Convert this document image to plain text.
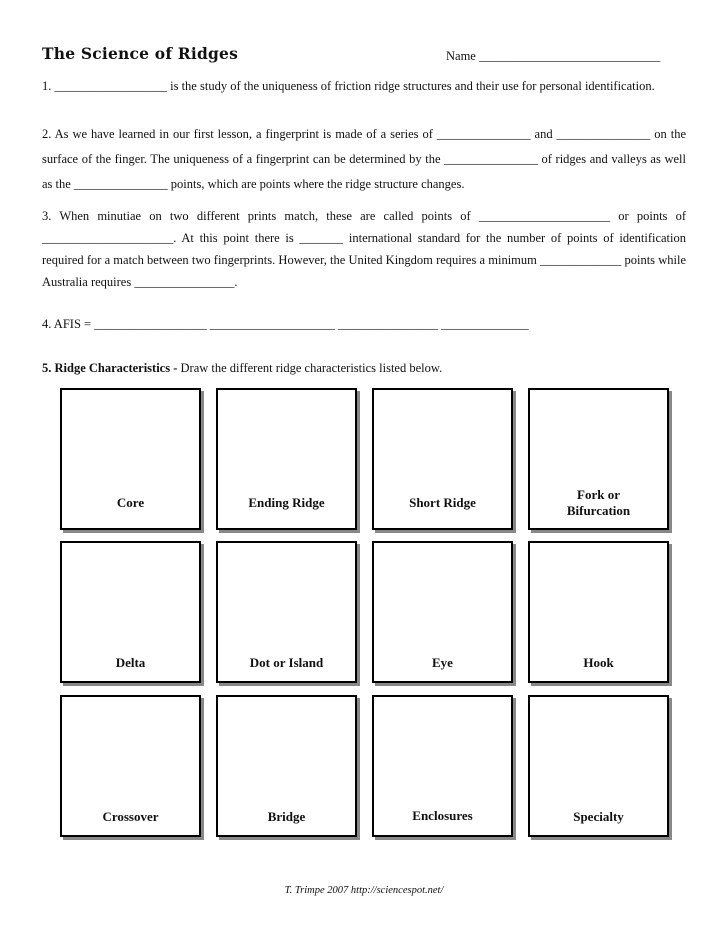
The Science of Ridges	Name _____________________________
1. __________________ is the study of the uniqueness of friction ridge structures and their use for personal identification.
2. As we have learned in our first lesson, a fingerprint is made of a series of _______________ and _______________ on the surface of the finger. The uniqueness of a fingerprint can be determined by the _______________ of ridges and valleys as well as the _______________ points, which are points where the ridge structure changes.
3. When minutiae on two different prints match, these are called points of _____________________ or points of _____________________. At this point there is _______ international standard for the number of points of identification required for a match between two fingerprints. However, the United Kingdom requires a minimum _____________ points while Australia requires ________________.
4. AFIS = __________________ ____________________ ________________ ______________
5. Ridge Characteristics - Draw the different ridge characteristics listed below.
Core	Ending Ridge	Short Ridge
Fork or
Bifurcation
Delta	Dot or Island	Eye	Hook
Crossover	Bridge	Enclosures	Specialty
T. Trimpe 2007 http://sciencespot.net/
